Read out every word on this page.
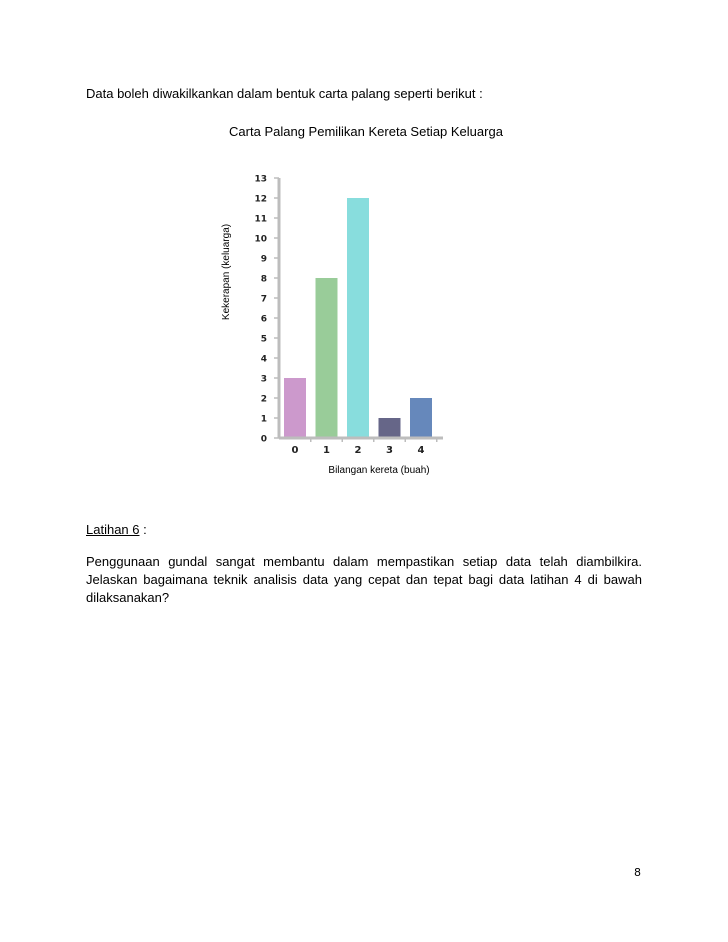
Data boleh diwakilkankan dalam bentuk carta palang seperti berikut :
Carta Palang Pemilikan Kereta Setiap Keluarga
0
1
2
3
4
5
6
7
8
9
10
11
12
13
0 1 2 3 4
Kekerapan (keluarga)
Bilangan kereta (buah)
Latihan 6 :
Penggunaan gundal sangat membantu dalam mempastikan setiap data telah diambilkira. Jelaskan bagaimana teknik analisis data yang cepat dan tepat bagi data latihan 4 di bawah dilaksanakan?
8
